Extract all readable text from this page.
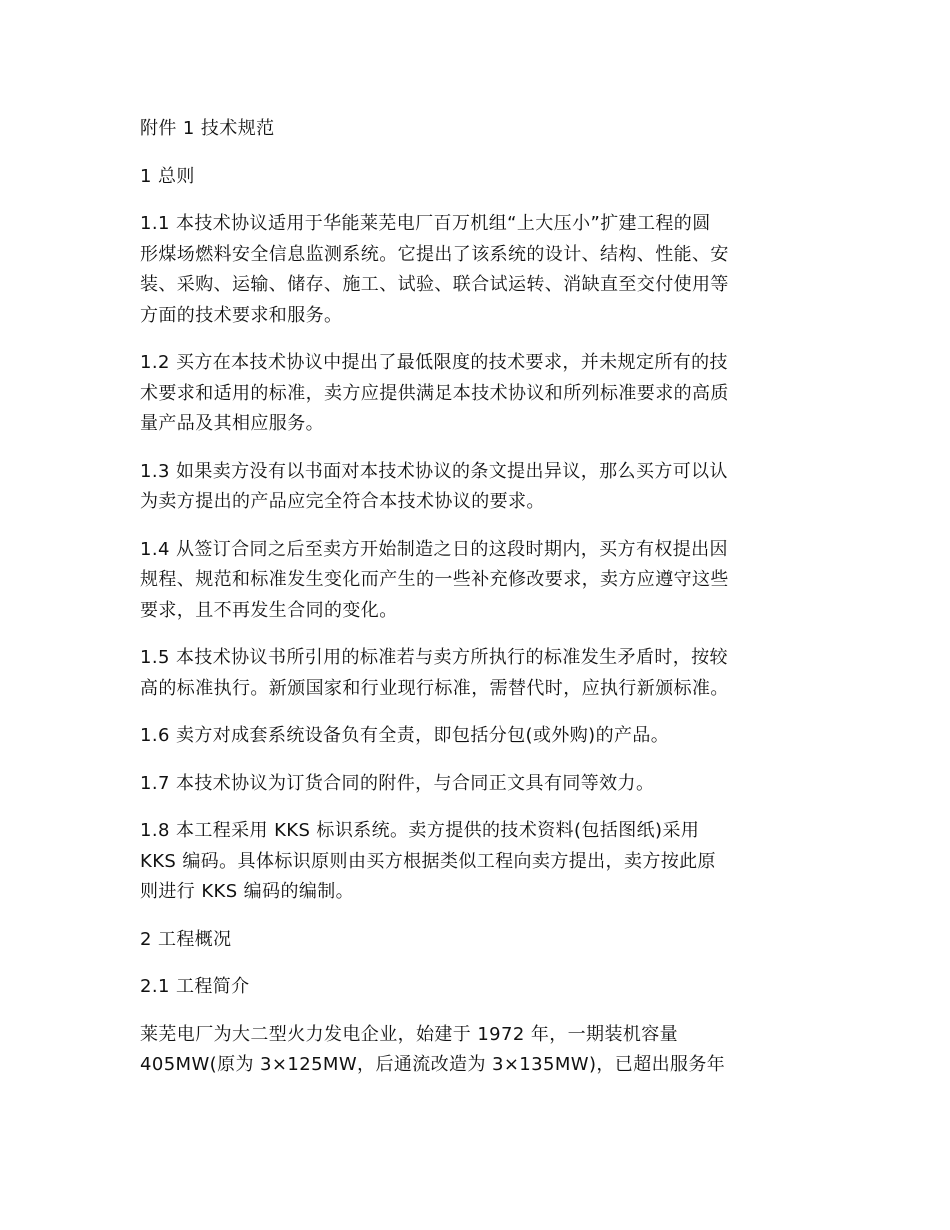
附件 1 技术规范

1 总则

1.1 本技术协议适用于华能莱芜电厂百万机组“上大压小”扩建工程的圆
形煤场燃料安全信息监测系统。它提出了该系统的设计、结构、性能、安
装、采购、运输、储存、施工、试验、联合试运转、消缺直至交付使用等
方面的技术要求和服务。

1.2 买方在本技术协议中提出了最低限度的技术要求，并未规定所有的技
术要求和适用的标准，卖方应提供满足本技术协议和所列标准要求的高质
量产品及其相应服务。

1.3 如果卖方没有以书面对本技术协议的条文提出异议，那么买方可以认
为卖方提出的产品应完全符合本技术协议的要求。

1.4 从签订合同之后至卖方开始制造之日的这段时期内，买方有权提出因
规程、规范和标准发生变化而产生的一些补充修改要求，卖方应遵守这些
要求，且不再发生合同的变化。

1.5 本技术协议书所引用的标准若与卖方所执行的标准发生矛盾时，按较
高的标准执行。新颁国家和行业现行标准，需替代时，应执行新颁标准。

1.6 卖方对成套系统设备负有全责，即包括分包(或外购)的产品。

1.7 本技术协议为订货合同的附件，与合同正文具有同等效力。

1.8 本工程采用 KKS 标识系统。卖方提供的技术资料(包括图纸)采用
KKS 编码。具体标识原则由买方根据类似工程向卖方提出，卖方按此原
则进行 KKS 编码的编制。

2 工程概况

2.1 工程简介

莱芜电厂为大二型火力发电企业，始建于 1972 年，一期装机容量
405MW(原为 3×125MW，后通流改造为 3×135MW)，已超出服务年
